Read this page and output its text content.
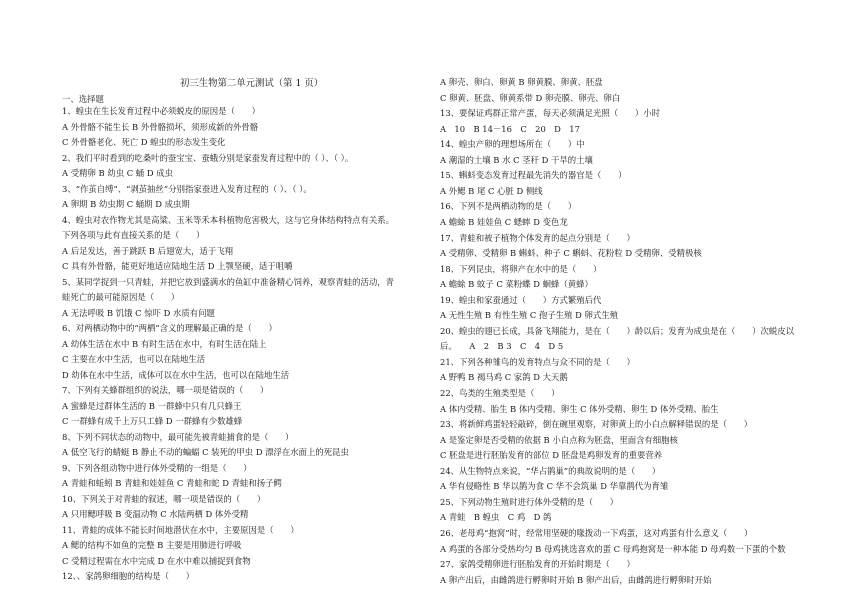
初三生物第二单元测试（第 1 页）
一、选择题
1、蝗虫在生长发育过程中必须蜕皮的原因是（　　）
A 外骨骼不能生长 B 外骨骼损坏，须形成新的外骨骼
C 外骨骼老化、死亡 D 蝗虫的形态发生变化
2、我们平时看到的吃桑叶的蚕宝宝、蚕蛾分别是家蚕发育过程中的（ ）、（ ）。
A 受精卵 B 幼虫 C 蛹 D 成虫
3、“作茧自缚”、“剥茧抽丝”分别指家蚕进入发育过程的（ ）、（ ）。
A 卵期 B 幼虫期 C 蛹期 D 成虫期
4、蝗虫对农作物尤其是高粱、玉米等禾本科植物危害极大，这与它身体结构特点有关系。
下列各项与此有直接关系的是（　　）
A 后足发达，善于跳跃 B 后翅宽大，适于飞翔
C 具有外骨骼，能更好地适应陆地生活 D 上颚坚硬，适于咀嚼
5、某同学捉到一只青蛙，并把它放到盛满水的鱼缸中准备精心饲养，观察青蛙的活动，青
蛙死亡的最可能原因是（　　）
A 无法呼吸 B 饥饿 C 惊吓 D 水质有问题
6、对两栖动物中的“两栖”含义的理解最正确的是（　　）
A 幼体生活在水中 B 有时生活在水中，有时生活在陆上
C 主要在水中生活，也可以在陆地生活
D 幼体在水中生活，成体可以在水中生活，也可以在陆地生活
7、下列有关蜂群组织的说法，哪一项是错误的（　　）
A 蜜蜂是过群体生活的 B 一群蜂中只有几只蜂王
C 一群蜂有成千上万只工蜂 D 一群蜂有少数雄蜂
8、下列不同状态的动物中，最可能先被青蛙捕食的是（　　）
A 低空飞行的蜻蜓 B 静止不动的蝙蝠 C 装死的甲虫 D 漂浮在水面上的死昆虫
9、下列各组动物中进行体外受精的一组是（　　）
A 青蛙和蚯蚓 B 青蛙和娃娃鱼 C 青蛙和蛇 D 青蛙和扬子鳄
10、下列关于对青蛙的叙述，哪一项是错误的（　　）
A 只用鳃呼吸 B 变温动物 C 水陆两栖 D 体外受精
11、青蛙的成体不能长时间地潜伏在水中，主要原因是（　　）
A 鳃的结构不如鱼的完整 B 主要是用肺进行呼吸
C 受精过程需在水中完成 D 在水中难以捕捉到食物
12、、家鸽卵细胞的结构是（　　）
A 卵壳、卵白、卵黄 B 卵黄膜、卵黄、胚盘
C 卵黄、胚盘、卵黄系带 D 卵壳膜、卵壳、卵白
13、要保证鸡群正常产蛋，每天必须满足光照（　　）小时
A　10　B 14－16　C　20　D　17
14、蝗虫产卵的理想场所在（　　）中
A 潮湿的土壤 B 水 C 茎秆 D 干旱的土壤
15、蝌蚪变态发育过程最先消失的器官是（　　）
A 外鳃 B 尾 C 心脏 D 侧线
16、下列不是两栖动物的是（　　）
A 蟾蜍 B 娃娃鱼 C 蟋蟀 D 变色龙
17、青蛙和被子植物个体发育的起点分别是（　　）
A 受精卵、受精卵 B 蝌蚪、种子 C 蝌蚪、花粉粒 D 受精卵、受精极核
18、下列昆虫，将卵产在水中的是（　　）
A 蟾蜍 B 蚊子 C 菜粉蝶 D 蛔蜂（黄蜂）
19、蝗虫和家蚕通过（　　）方式繁殖后代
A 无性生殖 B 有性生殖 C 孢子生殖 D 卵式生殖
20、蝗虫的翅已长成，具备飞翔能力，是在（　　）龄以后；发育为成虫是在（　　）次蜕皮以
后。　　A　2　B 3　C　4　D 5
21、下列各种雏鸟的发育特点与众不同的是（　　）
A 野鸭 B 褐马鸡 C 家鸽 D 大天鹅
22、鸟类的生殖类型是（　　）
A 体内受精、胎生 B 体内受精、卵生 C 体外受精、卵生 D 体外受精、胎生
23、将新鲜鸡蛋轻轻敲碎，倒在碗里观察，对卵黄上的小白点解释错误的是（　　）
A 是鉴定卵是否受精的依据 B 小白点称为胚盘，里面含有细胞核
C 胚盘是进行胚胎发育的部位 D 胚盘是鸡卵发育的重要营养
24、从生物特点来说，“华占鹊巢”的典故说明的是（　　）
A 华有侵略性 B 华以鹊为食 C 华不会筑巢 D 华靠鹊代为育雏
25、下列动物生殖时进行体外受精的是（　　）
A 青蛙　B 蝗虫　C 鸡　D 鸽
26、老母鸡“抱窝”时，经常用坚硬的喙拨动一下鸡蛋，这对鸡蛋有什么意义（　　）
A 鸡蛋的各部分受热均匀 B 母鸡挑选喜欢的蛋 C 母鸡抱窝是一种本能 D 母鸡数一下蛋的个数
27、家鸽受精卵进行胚胎发育的开始时期是（　　）
A 卵产出后，由雌鸽进行孵卵时开始 B 卵产出后，由雌鸽进行孵卵时开始
